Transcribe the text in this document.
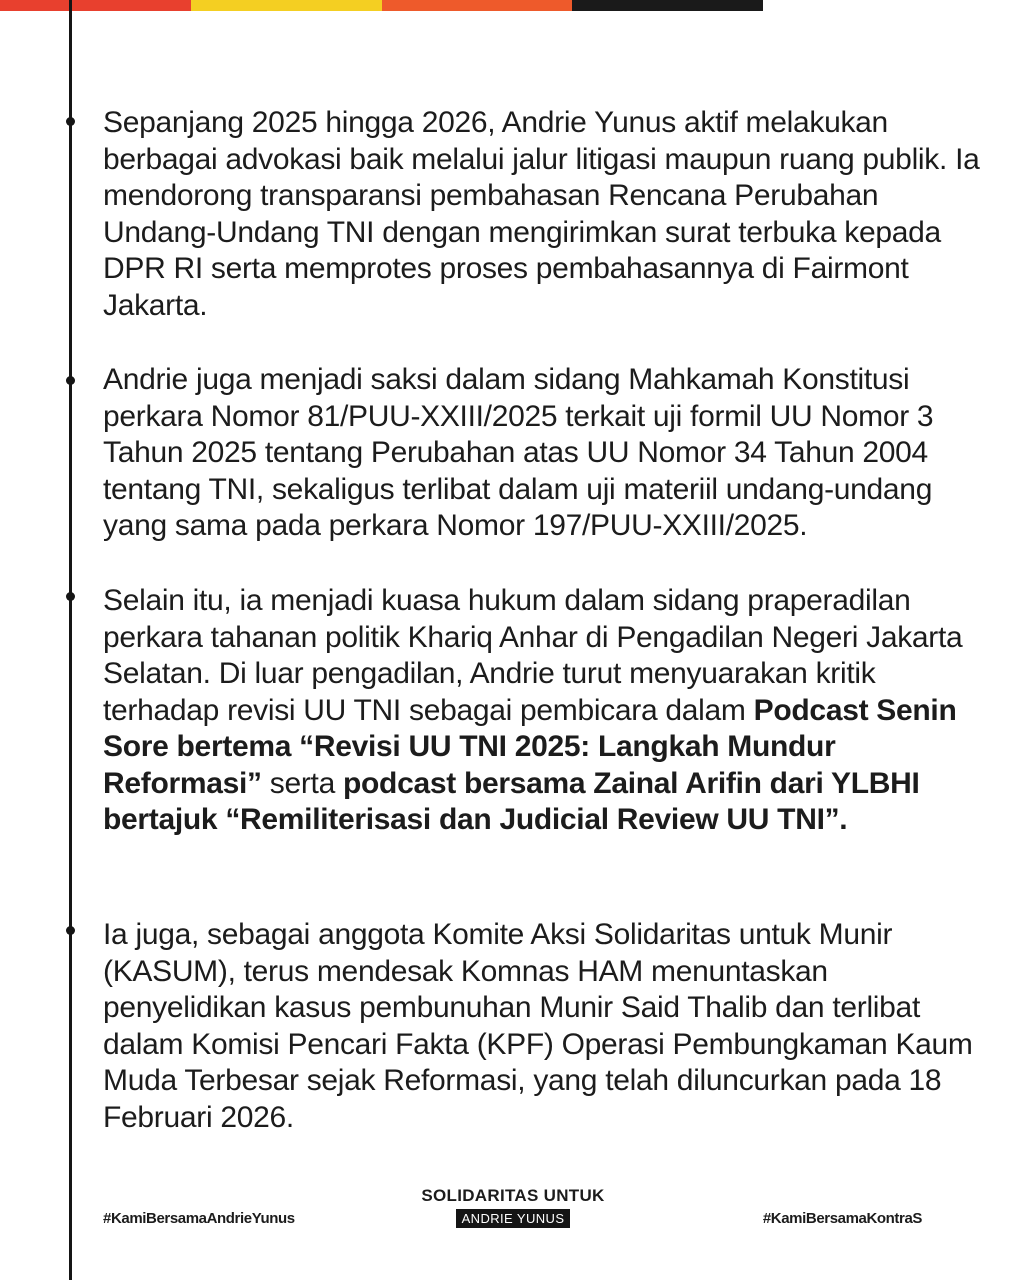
Sepanjang 2025 hingga 2026, Andrie Yunus aktif melakukan berbagai advokasi baik melalui jalur litigasi maupun ruang publik. Ia mendorong transparansi pembahasan Rencana Perubahan Undang-Undang TNI dengan mengirimkan surat terbuka kepada DPR RI serta memprotes proses pembahasannya di Fairmont Jakarta.
Andrie juga menjadi saksi dalam sidang Mahkamah Konstitusi perkara Nomor 81/PUU-XXIII/2025 terkait uji formil UU Nomor 3 Tahun 2025 tentang Perubahan atas UU Nomor 34 Tahun 2004 tentang TNI, sekaligus terlibat dalam uji materiil undang-undang yang sama pada perkara Nomor 197/PUU-XXIII/2025.
Selain itu, ia menjadi kuasa hukum dalam sidang praperadilan perkara tahanan politik Khariq Anhar di Pengadilan Negeri Jakarta Selatan. Di luar pengadilan, Andrie turut menyuarakan kritik terhadap revisi UU TNI sebagai pembicara dalam Podcast Senin Sore bertema “Revisi UU TNI 2025: Langkah Mundur Reformasi” serta podcast bersama Zainal Arifin dari YLBHI bertajuk “Remiliterisasi dan Judicial Review UU TNI”.
Ia juga, sebagai anggota Komite Aksi Solidaritas untuk Munir (KASUM), terus mendesak Komnas HAM menuntaskan penyelidikan kasus pembunuhan Munir Said Thalib dan terlibat dalam Komisi Pencari Fakta (KPF) Operasi Pembungkaman Kaum Muda Terbesar sejak Reformasi, yang telah diluncurkan pada 18 Februari 2026.
#KamiBersamaAndrieYunus
SOLIDARITAS UNTUK
ANDRIE YUNUS	#KamiBersamaKontraS
